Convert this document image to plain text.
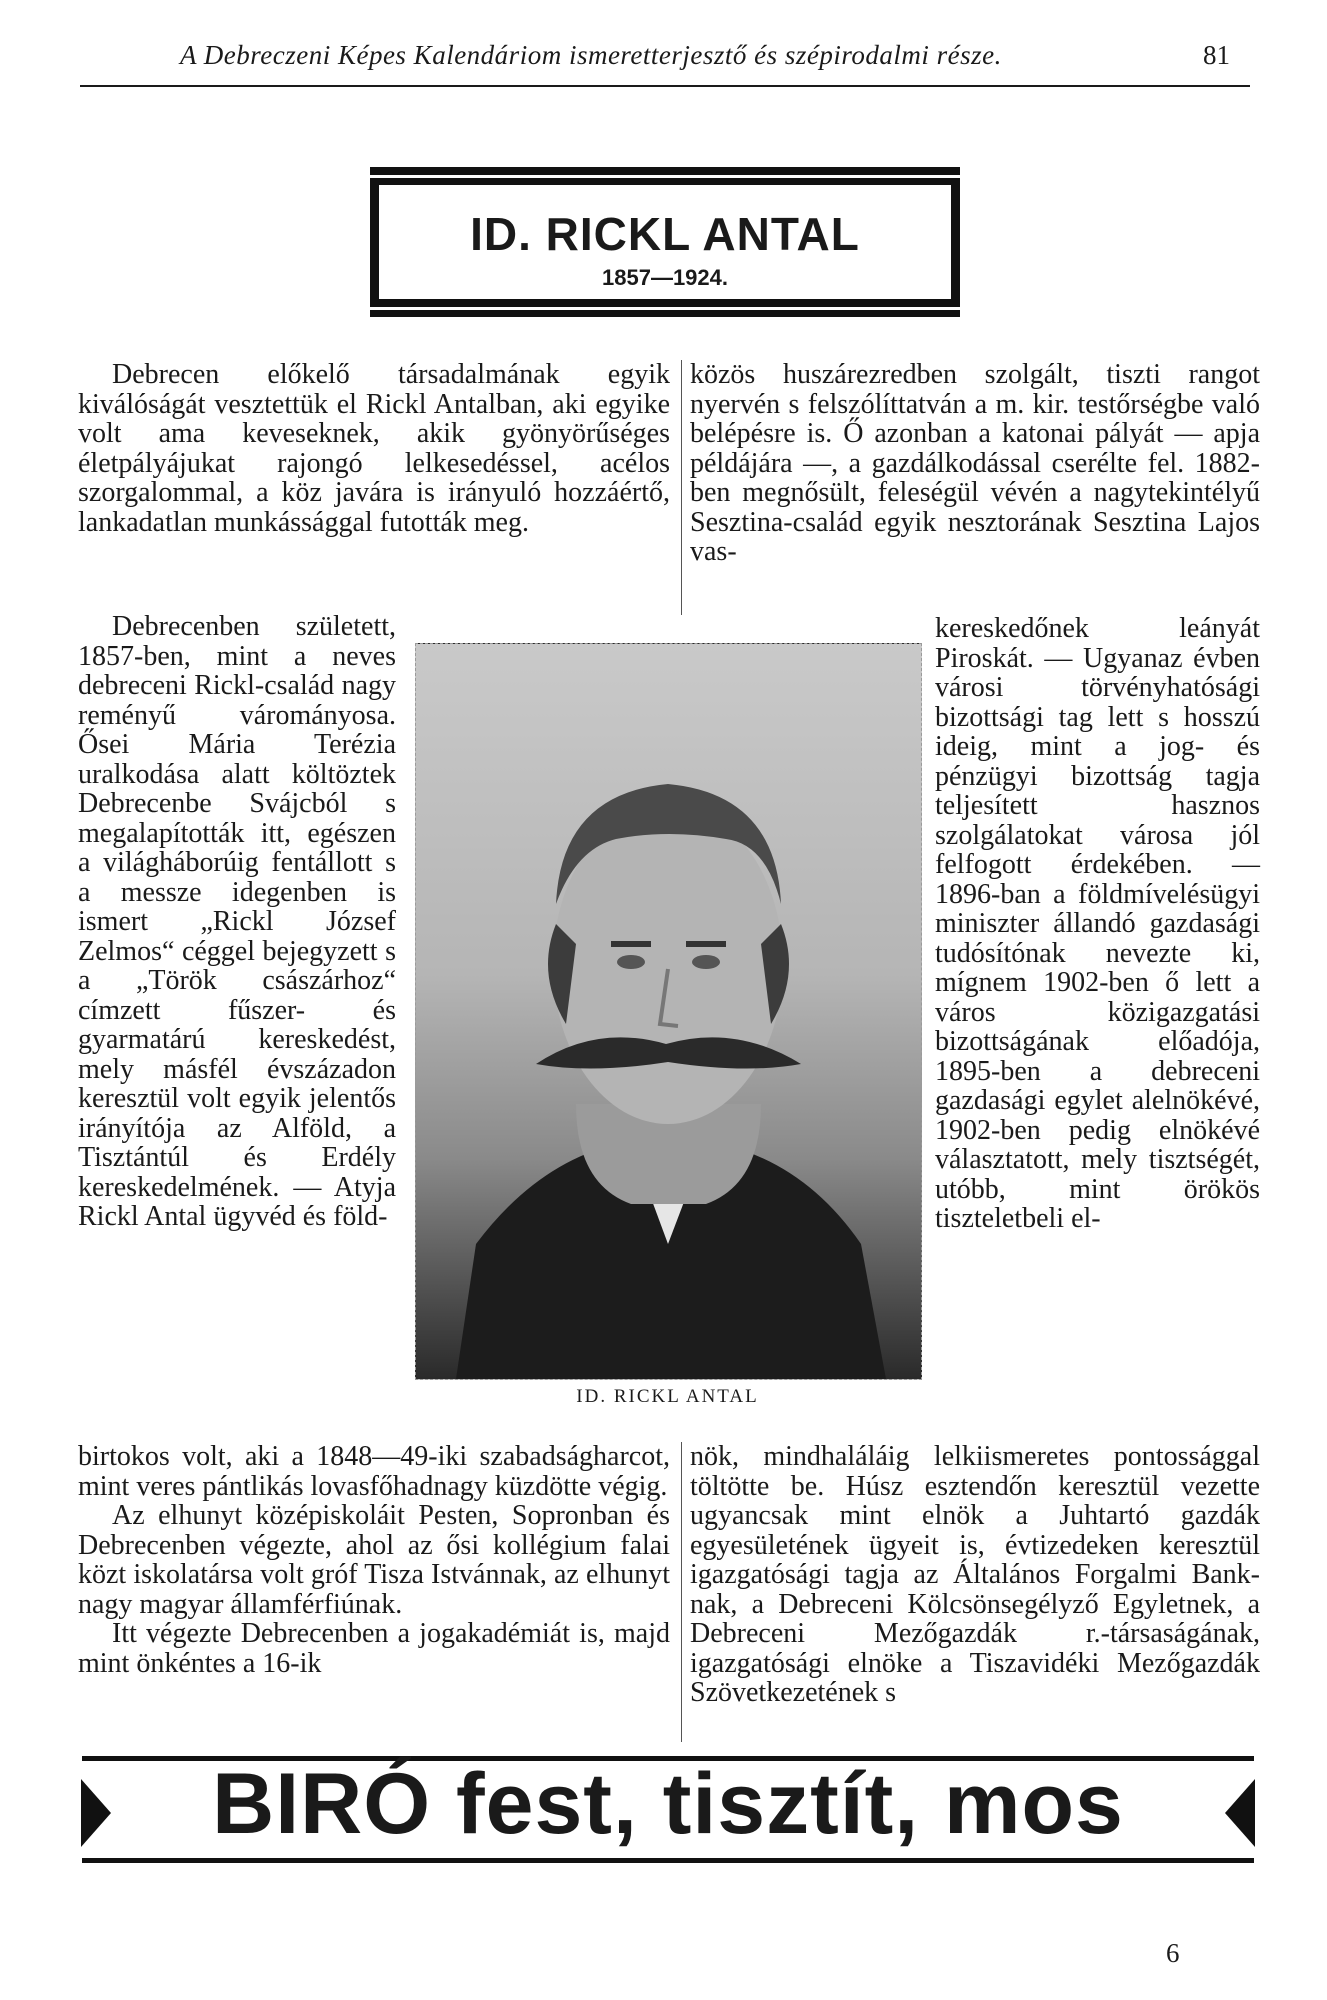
A Debreczeni Képes Kalendáriom ismeretterjesztő és szépirodalmi része.	81
ID. RICKL ANTAL
1857—1924.

Debrecen előkelő társadalmának egyik kiválóságát vesztettük el Rickl Antalban, aki egyike volt ama keveseknek, akik gyönyörűséges életpályájukat rajongó lelkesedéssel, acélos szorgalommal, a köz javára is irányuló hozzáértő, lankadatlan munkássággal futották meg.

Debrecenben született, 1857-ben, mint a neves debreceni Rickl-család nagy reményű várományosa. Ősei Mária Terézia uralkodása alatt költöztek Debrecenbe Svájcból s megalapították itt, egészen a világháborúig fentállott s a messze idegenben is ismert „Rickl József Zelmos“ céggel bejegyzett s a „Török császárhoz“ címzett fűszer- és gyarmatárú kereskedést, mely másfél évszázadon keresztül volt egyik jelentős irányítója az Alföld, a Tisztántúl és Erdély kereskedelmének. — Atyja Rickl Antal ügyvéd és föld-

birtokos volt, aki a 1848—49-iki szabadságharcot, mint veres pántlikás lovasfőhadnagy küzdötte végig.

Az elhunyt középiskoláit Pesten, Sopronban és Debrecenben végezte, ahol az ősi kollégium falai közt iskolatársa volt gróf Tisza Istvánnak, az elhunyt nagy magyar államférfiúnak.

Itt végezte Debrecenben a jogakadémiát is, majd mint önkéntes a 16-ik

közös huszárezredben szolgált, tiszti rangot nyervén s felszólíttatván a m. kir. testőrségbe való belépésre is. Ő azonban a katonai pályát — apja példájára —, a gazdálkodással cserélte fel. 1882-ben megnősült, feleségül vévén a nagytekintélyű Sesztina-család egyik nesztorának Sesztina Lajos vas-

kereskedőnek leányát Piroskát. — Ugyanaz évben városi törvényhatósági bizottsági tag lett s hosszú ideig, mint a jog- és pénzügyi bizottság tagja teljesített hasznos szolgálatokat városa jól felfogott érdekében. — 1896-ban a földmívelésügyi miniszter állandó gazdasági tudósítónak nevezte ki, mígnem 1902-ben ő lett a város közigazgatási bizottságának előadója, 1895-ben a debreceni gazdasági egylet alelnökévé, 1902-ben pedig elnökévé választatott, mely tisztségét, utóbb, mint örökös tiszteletbeli el-

nök, mindhaláláig lelkiismeretes pontossággal töltötte be. Húsz esztendőn keresztül vezette ugyancsak mint elnök a Juhtartó gazdák egyesületének ügyeit is, évtizedeken keresztül igazgatósági tagja az Általános Forgalmi Bank-nak, a Debreceni Kölcsönsegélyző Egyletnek, a Debreceni Mezőgazdák r.-társaságának, igazgatósági elnöke a Tiszavidéki Mezőgazdák Szövetkezetének s

ID. RICKL ANTAL
BIRÓ fest, tisztít, mos
6
